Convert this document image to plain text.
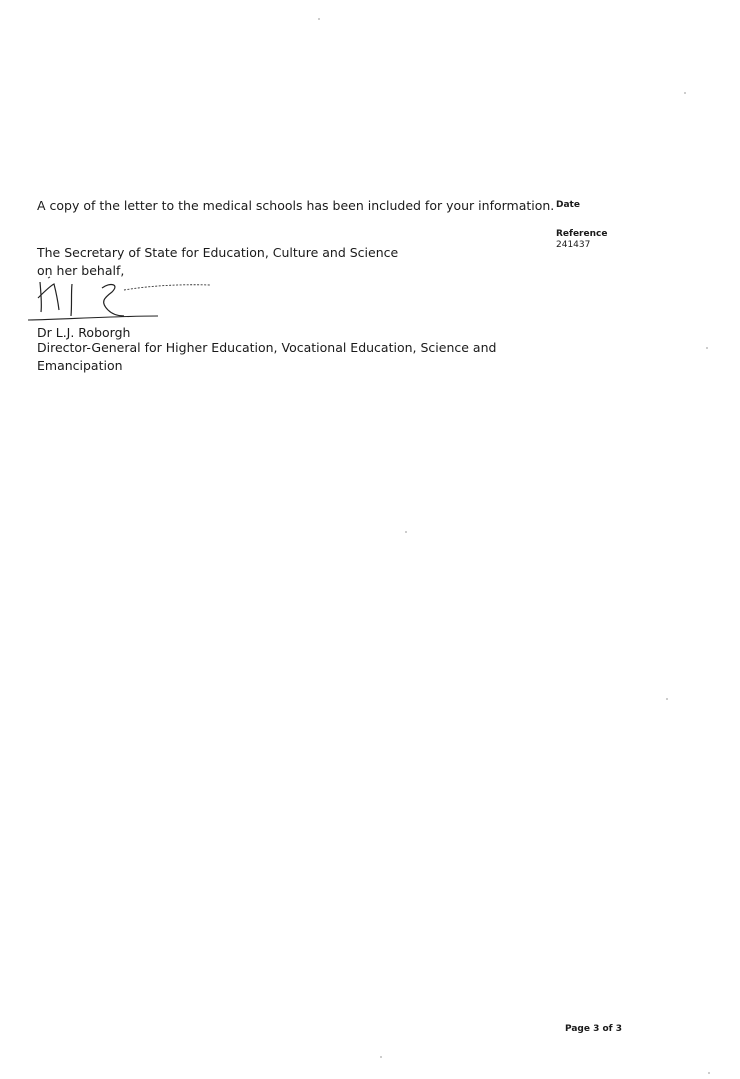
A copy of the letter to the medical schools has been included for your information. Date
Reference
241437
The Secretary of State for Education, Culture and Science
on her behalf,
Dr L.J. Roborgh
Director-General for Higher Education, Vocational Education, Science and
Emancipation
Page 3 of 3
